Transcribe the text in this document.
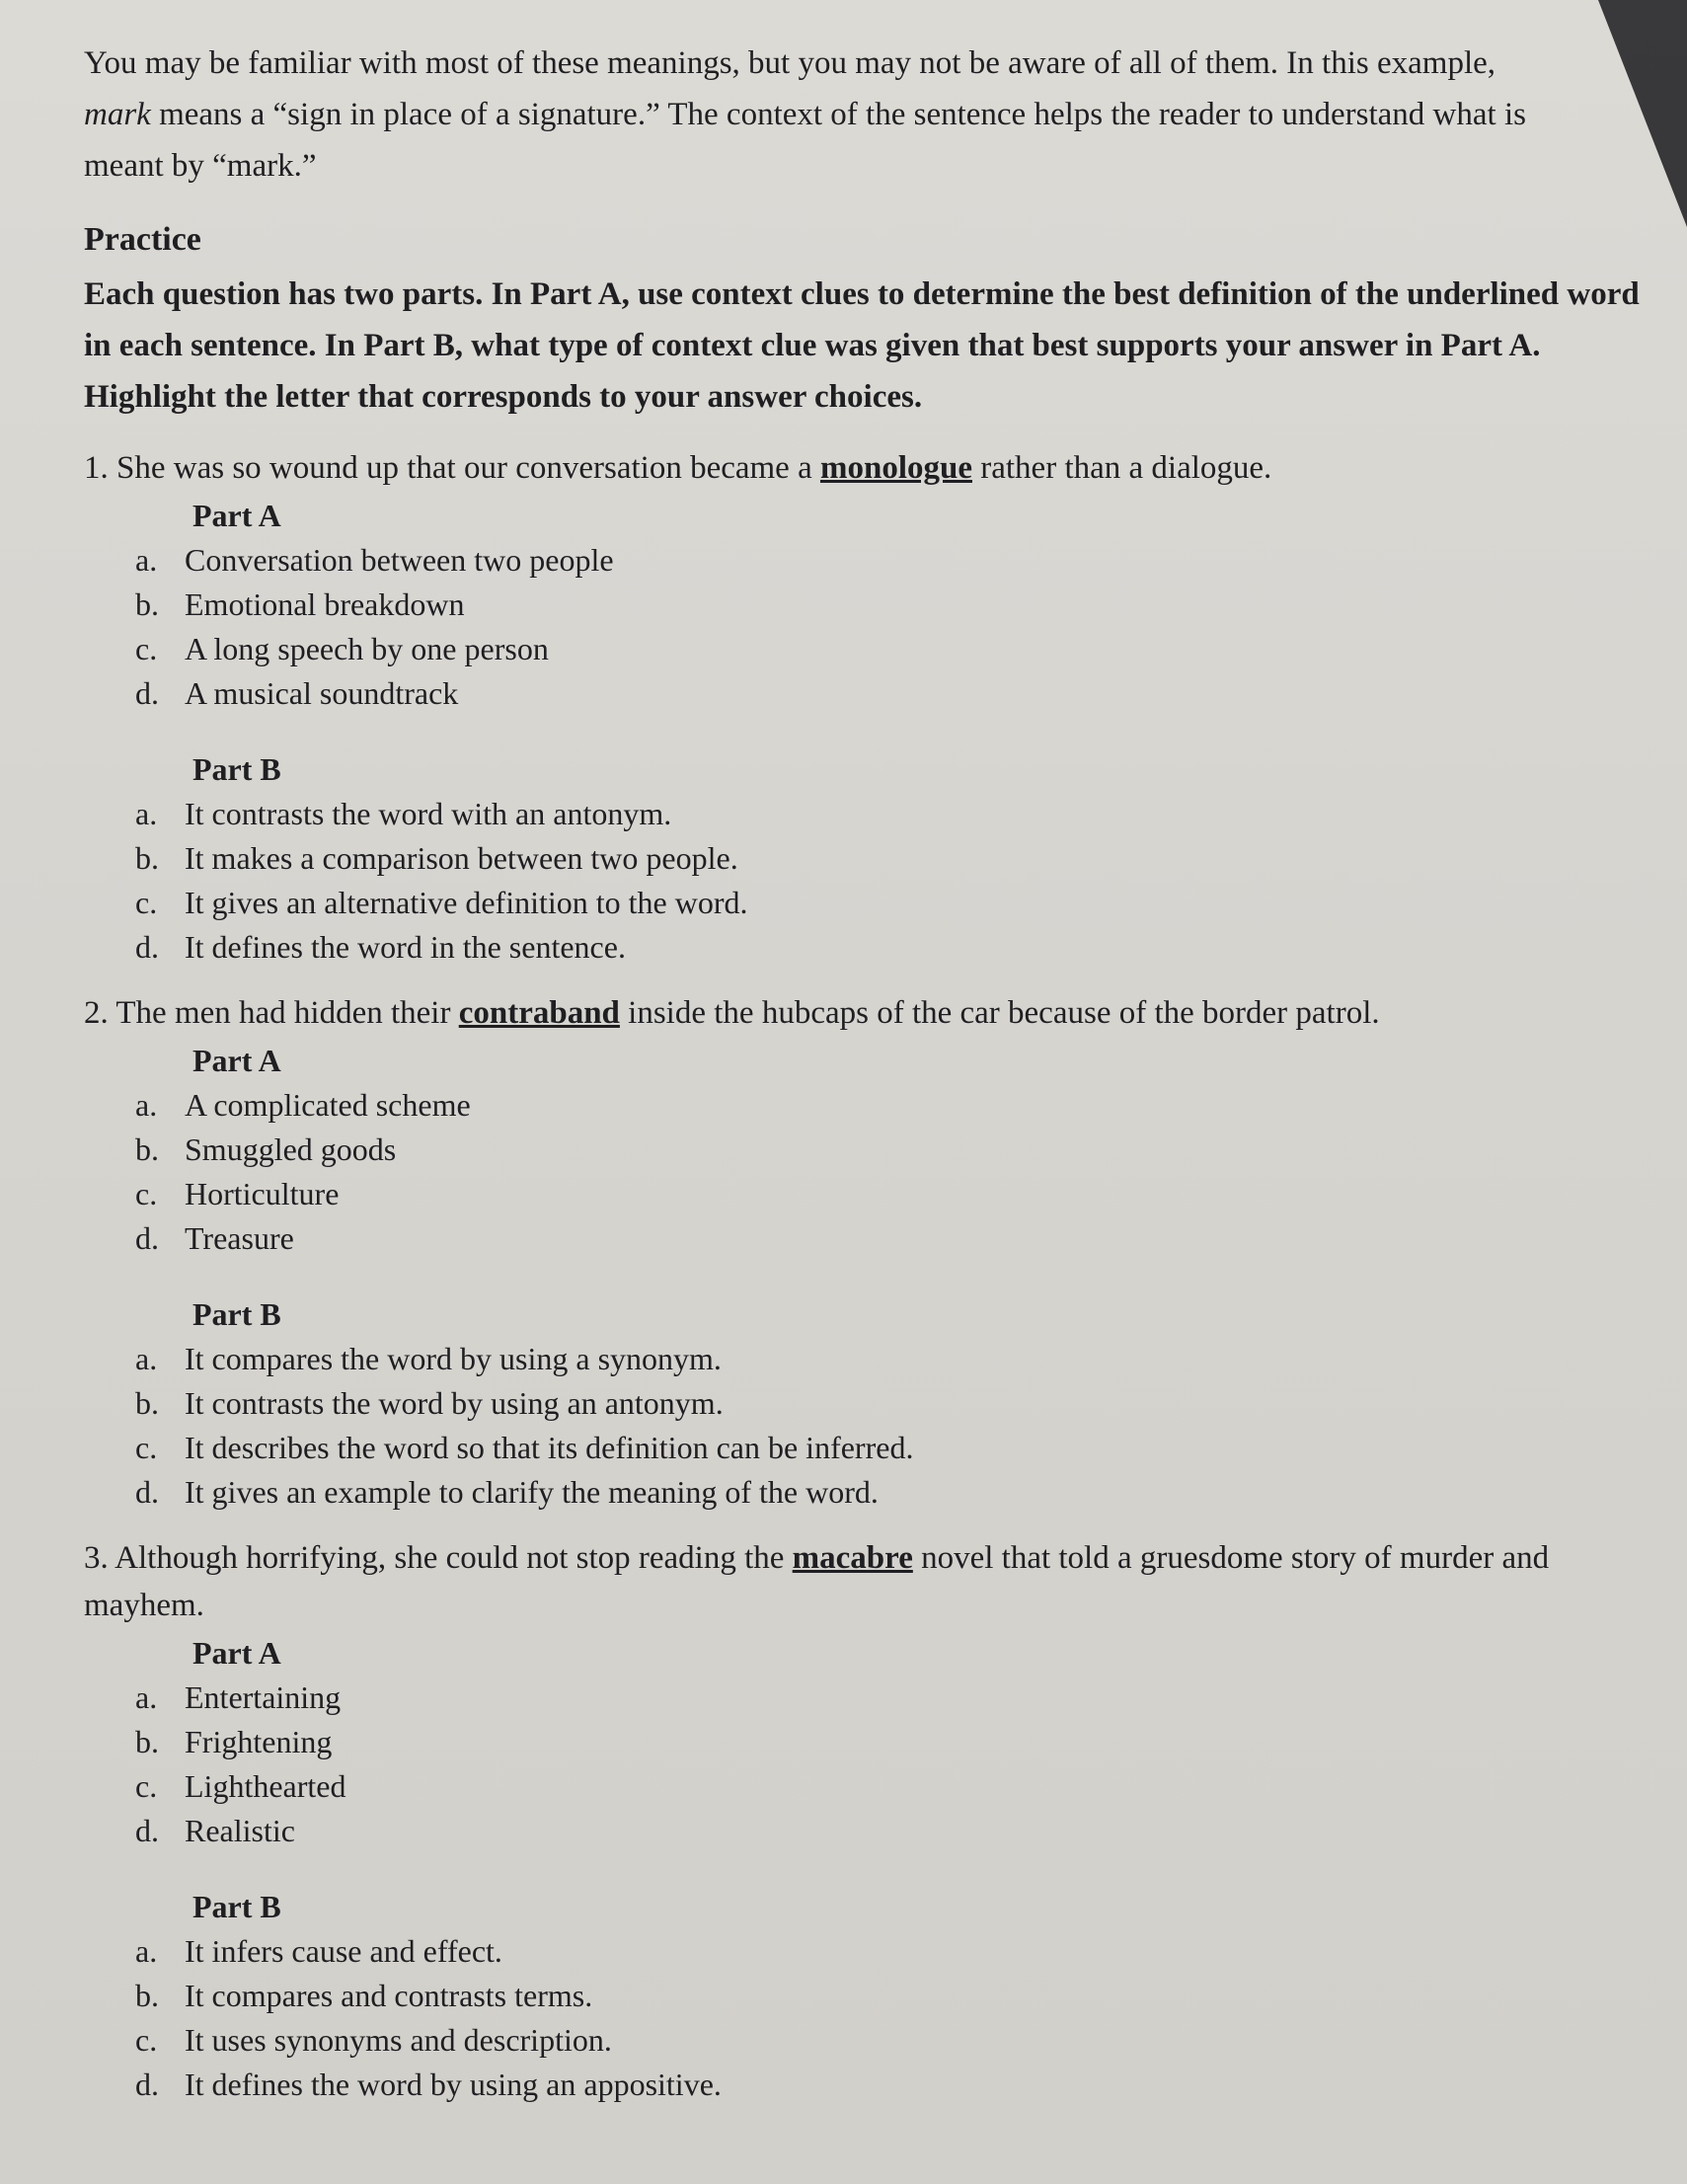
You may be familiar with most of these meanings, but you may not be aware of all of them. In this example,
mark means a “sign in place of a signature.” The context of the sentence helps the reader to understand what is
meant by “mark.”

Practice

Each question has two parts. In Part A, use context clues to determine the best definition of the underlined word in each sentence. In Part B, what type of context clue was given that best supports your answer in Part A. Highlight the letter that corresponds to your answer choices.

1. She was so wound up that our conversation became a monologue rather than a dialogue.

Part A
a. Conversation between two people
b. Emotional breakdown
c. A long speech by one person
d. A musical soundtrack
Part B
a. It contrasts the word with an antonym.
b. It makes a comparison between two people.
c. It gives an alternative definition to the word.
d. It defines the word in the sentence.

2. The men had hidden their contraband inside the hubcaps of the car because of the border patrol.

Part A
a. A complicated scheme
b. Smuggled goods
c. Horticulture
d. Treasure
Part B
a. It compares the word by using a synonym.
b. It contrasts the word by using an antonym.
c. It describes the word so that its definition can be inferred.
d. It gives an example to clarify the meaning of the word.

3. Although horrifying, she could not stop reading the macabre novel that told a gruesdome story of murder and mayhem.

Part A
a. Entertaining
b. Frightening
c. Lighthearted
d. Realistic
Part B
a. It infers cause and effect.
b. It compares and contrasts terms.
c. It uses synonyms and description.
d. It defines the word by using an appositive.
